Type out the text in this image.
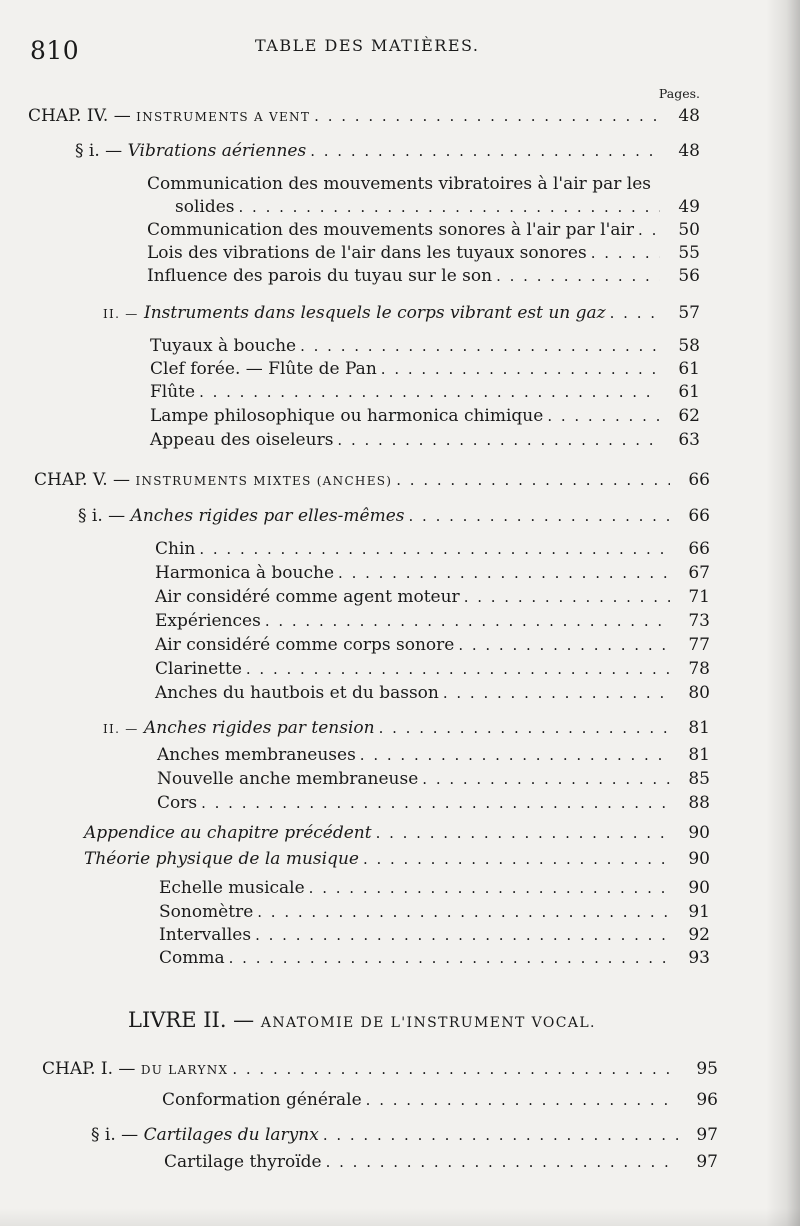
810	TABLE DES MATIÈRES.
Pages.
CHAP. IV. — INSTRUMENTS A VENT . . .	48
§ i. — Vibrations aériennes . . .	48
Communication des mouvements vibratoires à l'air par les
solides . . .	49
Communication des mouvements sonores à l'air par l'air . . .	50
Lois des vibrations de l'air dans les tuyaux sonores . . .	55
Influence des parois du tuyau sur le son . . .	56
II. — Instruments dans lesquels le corps vibrant est un gaz . . .	57
Tuyaux à bouche . . .	58
Clef forée. — Flûte de Pan . . .	61
Flûte . . .	61
Lampe philosophique ou harmonica chimique . . .	62
Appeau des oiseleurs . . .	63
CHAP. V. — INSTRUMENTS MIXTES (ANCHES) . . .	66
§ i. — Anches rigides par elles-mêmes . . .	66
Chin . . .	66
Harmonica à bouche . . .	67
Air considéré comme agent moteur . . .	71
Expériences . . .	73
Air considéré comme corps sonore . . .	77
Clarinette . . .	78
Anches du hautbois et du basson . . .	80
II. — Anches rigides par tension . . .	81
Anches membraneuses . . .	81
Nouvelle anche membraneuse . . .	85
Cors . . .	88
Appendice au chapitre précédent . . .	90
Théorie physique de la musique . . .	90
Echelle musicale . . .	90
Sonomètre . . .	91
Intervalles . . .	92
Comma . . .	93
LIVRE II. — ANATOMIE DE L'INSTRUMENT VOCAL.
CHAP. I. — DU LARYNX . . .	95
Conformation générale . . .	96
§ i. — Cartilages du larynx . . .	97
Cartilage thyroïde . . .	97
